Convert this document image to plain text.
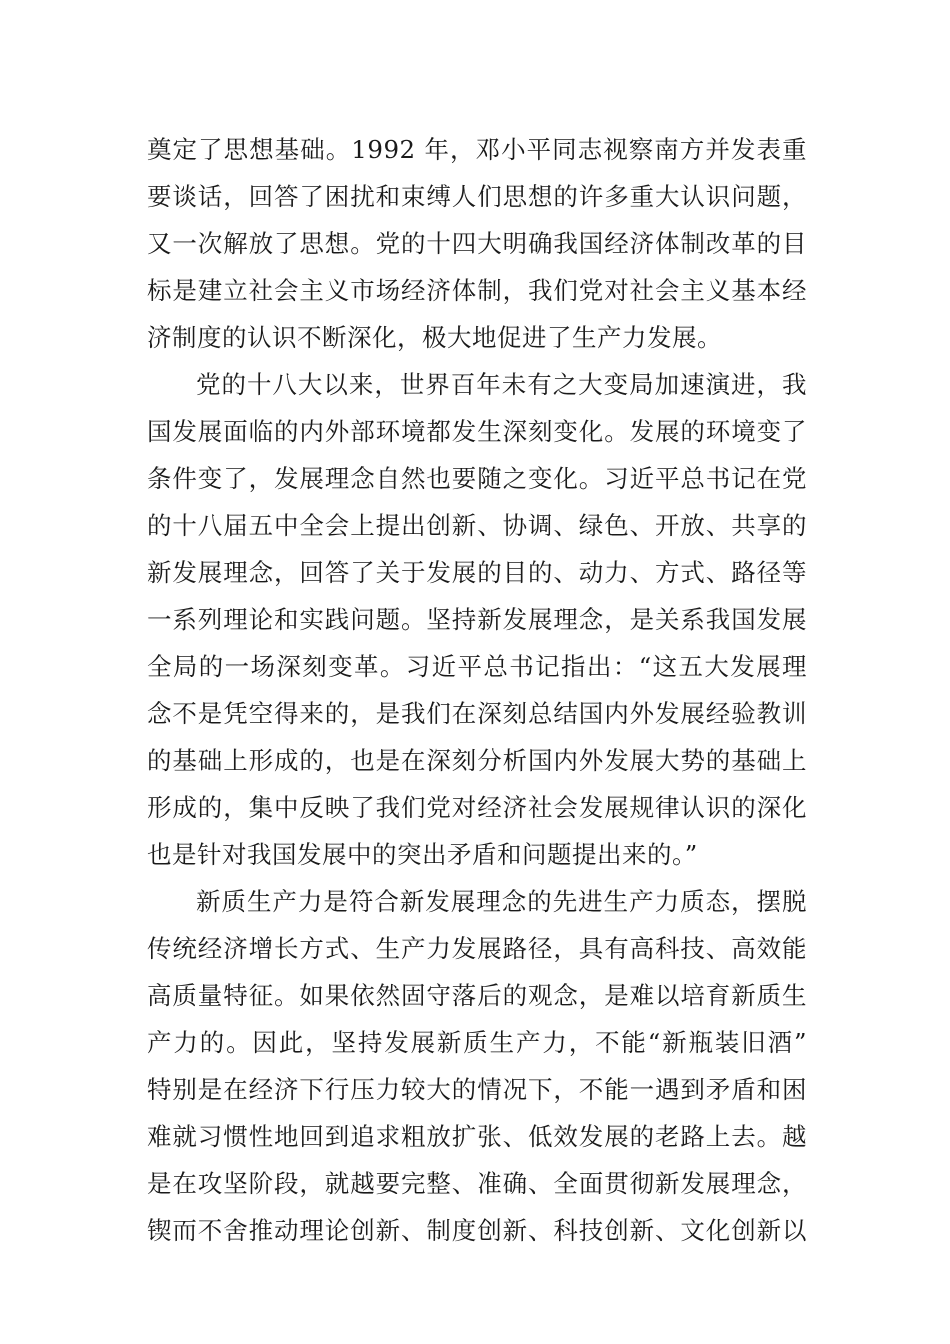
奠定了思想基础。1992 年，邓小平同志视察南方并发表重
要谈话，回答了困扰和束缚人们思想的许多重大认识问题，
又一次解放了思想。党的十四大明确我国经济体制改革的目
标是建立社会主义市场经济体制，我们党对社会主义基本经
济制度的认识不断深化，极大地促进了生产力发展。
党的十八大以来，世界百年未有之大变局加速演进，我
国发展面临的内外部环境都发生深刻变化。发展的环境变了
条件变了，发展理念自然也要随之变化。习近平总书记在党
的十八届五中全会上提出创新、协调、绿色、开放、共享的
新发展理念，回答了关于发展的目的、动力、方式、路径等
一系列理论和实践问题。坚持新发展理念，是关系我国发展
全局的一场深刻变革。习近平总书记指出：“这五大发展理
念不是凭空得来的，是我们在深刻总结国内外发展经验教训
的基础上形成的，也是在深刻分析国内外发展大势的基础上
形成的，集中反映了我们党对经济社会发展规律认识的深化
也是针对我国发展中的突出矛盾和问题提出来的。”
新质生产力是符合新发展理念的先进生产力质态，摆脱
传统经济增长方式、生产力发展路径，具有高科技、高效能
高质量特征。如果依然固守落后的观念，是难以培育新质生
产力的。因此，坚持发展新质生产力，不能“新瓶装旧酒”
特别是在经济下行压力较大的情况下，不能一遇到矛盾和困
难就习惯性地回到追求粗放扩张、低效发展的老路上去。越
是在攻坚阶段，就越要完整、准确、全面贯彻新发展理念，
锲而不舍推动理论创新、制度创新、科技创新、文化创新以
